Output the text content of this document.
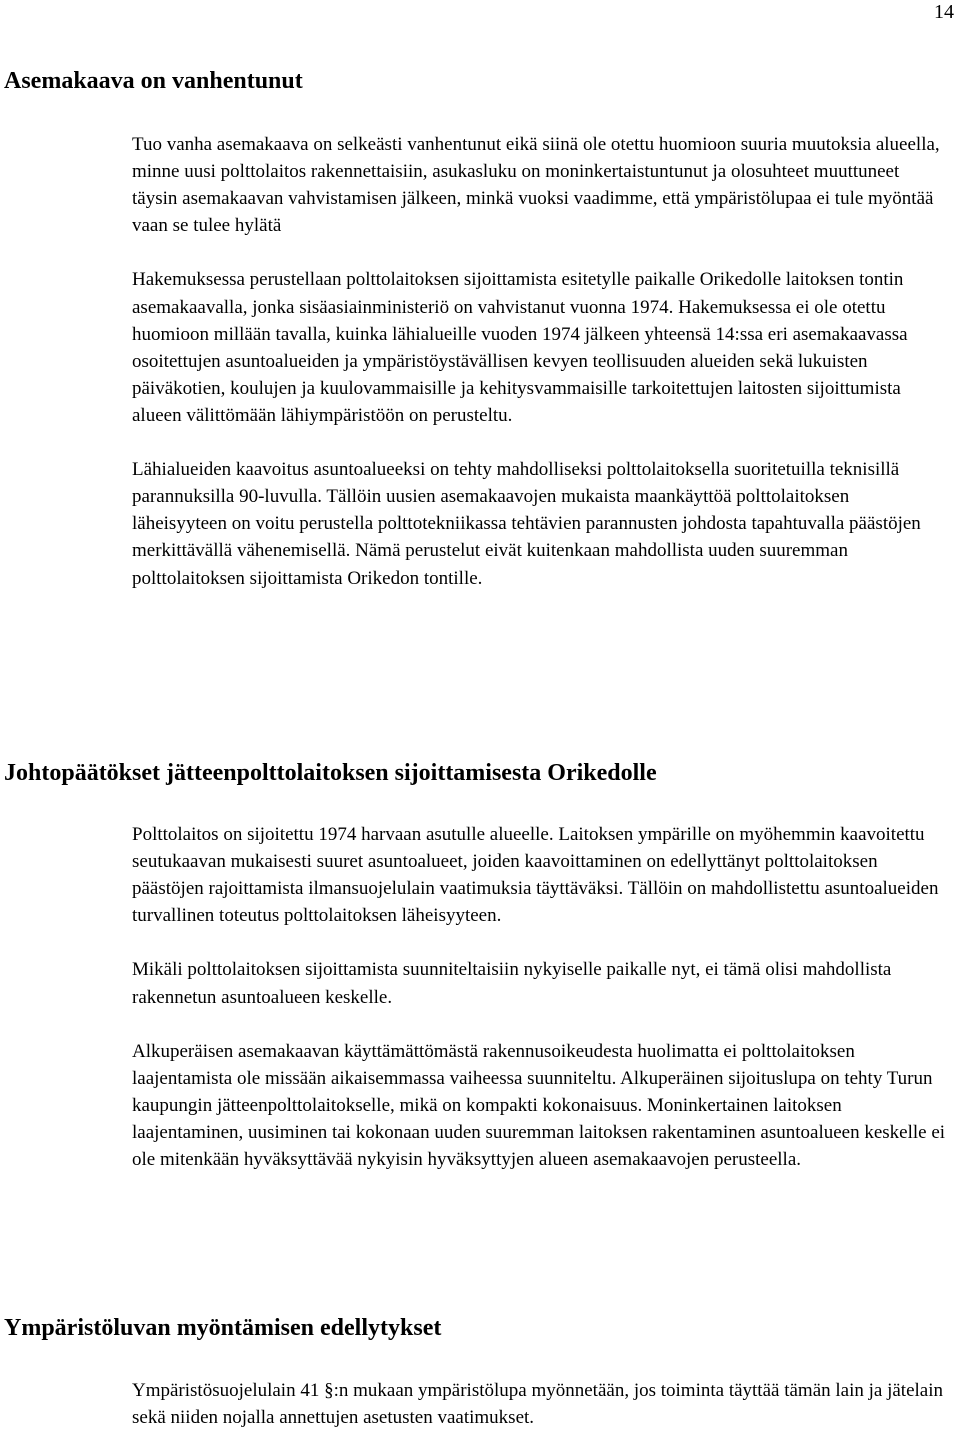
14
Asemakaava on vanhentunut

Tuo vanha asemakaava on selkeästi vanhentunut eikä siinä ole otettu huomioon suuria muutoksia alueella, minne uusi polttolaitos rakennettaisiin, asukasluku on moninkertaistuntunut ja olosuhteet muuttuneet täysin asemakaavan vahvistamisen jälkeen, minkä vuoksi vaadimme, että ympäristölupaa ei tule myöntää vaan se tulee hylätä

Hakemuksessa perustellaan polttolaitoksen sijoittamista esitetylle paikalle Orikedolle laitoksen tontin asemakaavalla, jonka sisäasiainministeriö on vahvistanut vuonna 1974. Hakemuksessa ei ole otettu huomioon millään tavalla, kuinka lähialueille vuoden 1974 jälkeen yhteensä 14:ssa eri asemakaavassa osoitettujen asuntoalueiden ja ympäristöystävällisen kevyen teollisuuden alueiden sekä lukuisten päiväkotien, koulujen ja kuulovammaisille ja kehitysvammaisille tarkoitettujen laitosten sijoittumista alueen välittömään lähiympäristöön on perusteltu.

Lähialueiden kaavoitus asuntoalueeksi on tehty mahdolliseksi polttolaitoksella suoritetuilla teknisillä parannuksilla 90-luvulla. Tällöin uusien asemakaavojen mukaista maankäyttöä polttolaitoksen läheisyyteen on voitu perustella polttotekniikassa tehtävien parannusten johdosta tapahtuvalla päästöjen merkittävällä vähenemisellä. Nämä perustelut eivät kuitenkaan mahdollista uuden suuremman polttolaitoksen sijoittamista Orikedon tontille.

Johtopäätökset jätteenpolttolaitoksen sijoittamisesta Orikedolle

Polttolaitos on sijoitettu 1974 harvaan asutulle alueelle. Laitoksen ympärille on myöhemmin kaavoitettu seutukaavan mukaisesti suuret asuntoalueet, joiden kaavoittaminen on edellyttänyt polttolaitoksen päästöjen rajoittamista ilmansuojelulain vaatimuksia täyttäväksi. Tällöin on mahdollistettu asuntoalueiden turvallinen toteutus polttolaitoksen läheisyyteen.

Mikäli polttolaitoksen sijoittamista suunniteltaisiin nykyiselle paikalle nyt, ei tämä olisi mahdollista rakennetun asuntoalueen keskelle.

Alkuperäisen asemakaavan käyttämättömästä rakennusoikeudesta huolimatta ei polttolaitoksen laajentamista ole missään aikaisemmassa vaiheessa suunniteltu. Alkuperäinen sijoituslupa on tehty Turun kaupungin jätteenpolttolaitokselle, mikä on kompakti kokonaisuus. Moninkertainen laitoksen laajentaminen, uusiminen tai kokonaan uuden suuremman laitoksen rakentaminen asuntoalueen keskelle ei ole mitenkään hyväksyttävää nykyisin hyväksyttyjen alueen asemakaavojen perusteella.

Ympäristöluvan myöntämisen edellytykset

Ympäristösuojelulain 41 §:n mukaan ympäristölupa myönnetään, jos toiminta täyttää tämän lain ja jätelain sekä niiden nojalla annettujen asetusten vaatimukset.
